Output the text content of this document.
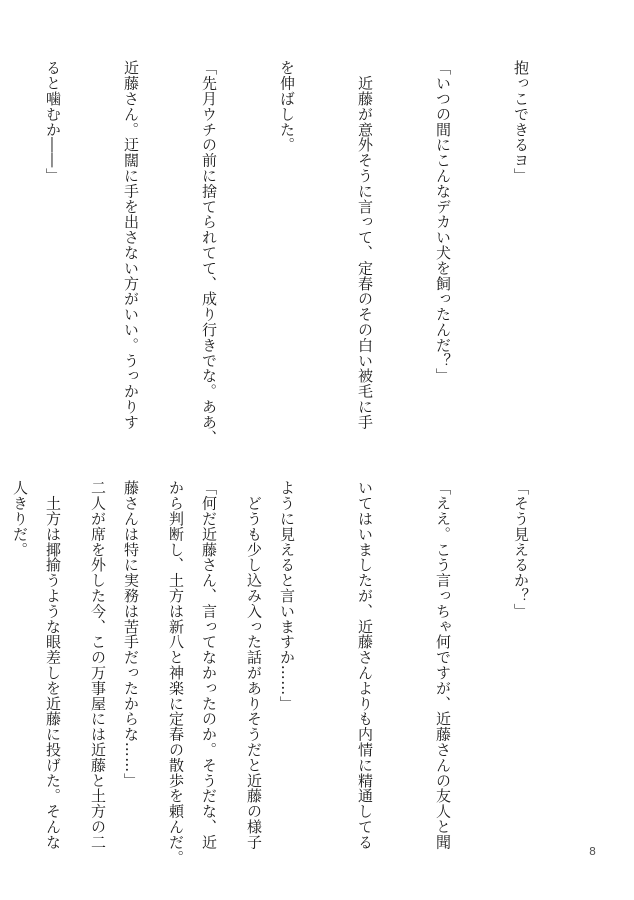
抱っこできるヨ」

「いつの間にこんなデカい犬を飼ったんだ？」

　近藤が意外そうに言って、定春のその白い被毛に手

を伸ばした。

「先月ウチの前に捨てられてて、成り行きでな。ああ、

近藤さん。迂闊に手を出さない方がいい。うっかりす

ると噛むか――」

「そう見えるか？」

「ええ。こう言っちゃ何ですが、近藤さんの友人と聞

いてはいましたが、近藤さんよりも内情に精通してる

ように見えると言いますか……」

「何だ近藤さん、言ってなかったのか。そうだな、近

藤さんは特に実務は苦手だったからな……」

　土方は揶揄うような眼差しを近藤に投げた。そんな

	　どうも少し込み入った話がありそうだと近藤の様子

から判断し、土方は新八と神楽に定春の散歩を頼んだ。

二人が席を外した今、この万事屋には近藤と土方の二

人きりだ。

8
